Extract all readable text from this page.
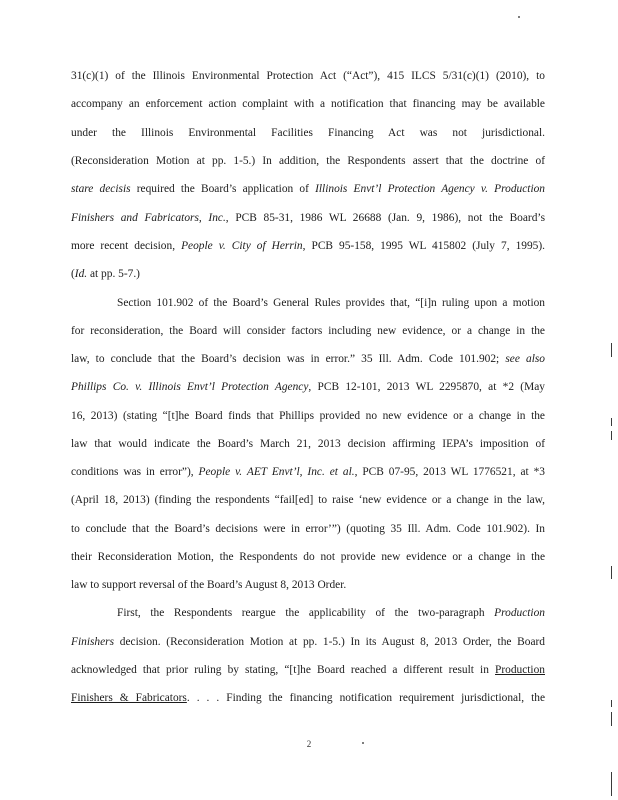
31(c)(1) of the Illinois Environmental Protection Act (“Act”), 415 ILCS 5/31(c)(1) (2010), to
accompany an enforcement action complaint with a notification that financing may be available
under the Illinois Environmental Facilities Financing Act was not jurisdictional.
(Reconsideration Motion at pp. 1-5.) In addition, the Respondents assert that the doctrine of
stare decisis required the Board’s application of Illinois Envt’l Protection Agency v. Production
Finishers and Fabricators, Inc., PCB 85-31, 1986 WL 26688 (Jan. 9, 1986), not the Board’s
more recent decision, People v. City of Herrin, PCB 95-158, 1995 WL 415802 (July 7, 1995).
(Id. at pp. 5-7.)
Section 101.902 of the Board’s General Rules provides that, “[i]n ruling upon a motion
for reconsideration, the Board will consider factors including new evidence, or a change in the
law, to conclude that the Board’s decision was in error.” 35 Ill. Adm. Code 101.902; see also
Phillips Co. v. Illinois Envt’l Protection Agency, PCB 12-101, 2013 WL 2295870, at *2 (May
16, 2013) (stating “[t]he Board finds that Phillips provided no new evidence or a change in the
law that would indicate the Board’s March 21, 2013 decision affirming IEPA’s imposition of
conditions was in error”), People v. AET Envt’l, Inc. et al., PCB 07-95, 2013 WL 1776521, at *3
(April 18, 2013) (finding the respondents “fail[ed] to raise ‘new evidence or a change in the law,
to conclude that the Board’s decisions were in error’”) (quoting 35 Ill. Adm. Code 101.902). In
their Reconsideration Motion, the Respondents do not provide new evidence or a change in the
law to support reversal of the Board’s August 8, 2013 Order.
First, the Respondents reargue the applicability of the two-paragraph Production
Finishers decision. (Reconsideration Motion at pp. 1-5.) In its August 8, 2013 Order, the Board
acknowledged that prior ruling by stating, “[t]he Board reached a different result in Production
Finishers & Fabricators. . . . Finding the financing notification requirement jurisdictional, the
2
